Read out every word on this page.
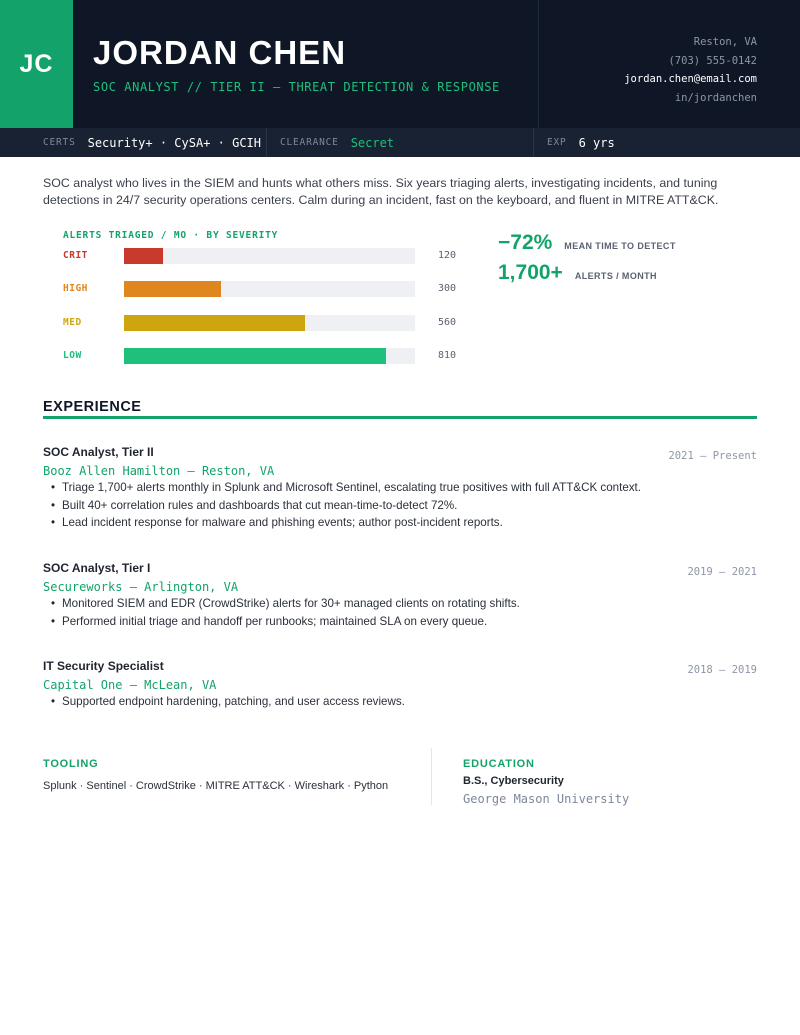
JC	JORDAN CHEN
SOC ANALYST // TIER II — THREAT DETECTION & RESPONSE
Reston, VA
(703) 555-0142
jordan.chen@email.com
in/jordanchen
CERTS Security+ · CySA+ · GCIH CLEARANCE Secret	EXP 6 yrs

SOC analyst who lives in the SIEM and hunts what others miss. Six years triaging alerts, investigating incidents, and tuning detections in 24/7 security operations centers. Calm during an incident, fast on the keyboard, and fluent in MITRE ATT&CK.

ALERTS TRIAGED / MO · BY SEVERITY
CRIT	120
HIGH	300
MED	560
LOW	810
−72% MEAN TIME TO DETECT
1,700+ ALERTS / MONTH
EXPERIENCE
SOC Analyst, Tier II	2021 — Present
Booz Allen Hamilton — Reston, VA
• Triage 1,700+ alerts monthly in Splunk and Microsoft Sentinel, escalating true positives with full ATT&CK context.
• Built 40+ correlation rules and dashboards that cut mean-time-to-detect 72%.
• Lead incident response for malware and phishing events; author post-incident reports.
SOC Analyst, Tier I	2019 — 2021
Secureworks — Arlington, VA
• Monitored SIEM and EDR (CrowdStrike) alerts for 30+ managed clients on rotating shifts.
• Performed initial triage and handoff per runbooks; maintained SLA on every queue.
IT Security Specialist	2018 — 2019
Capital One — McLean, VA
• Supported endpoint hardening, patching, and user access reviews.
TOOLING
Splunk · Sentinel · CrowdStrike · MITRE ATT&CK · Wireshark · Python
EDUCATION
B.S., Cybersecurity
George Mason University
